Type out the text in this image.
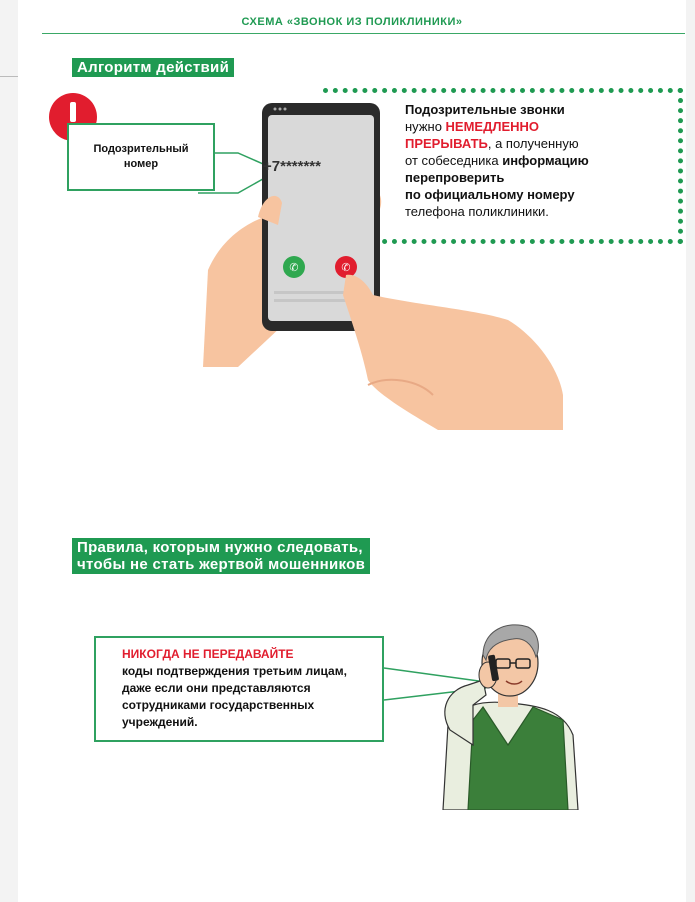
СХЕМА «ЗВОНОК ИЗ ПОЛИКЛИНИКИ»
Алгоритм действий
✆	✆
Подозрительные звонки
нужно НЕМЕДЛЕННО
ПРЕРЫВАТЬ, а полученную
от собеседника информацию
перепроверить
по официальному номеру
телефона поликлиники.
Подозрительный
номер	+7*******
Правила, которым нужно следовать,
чтобы не стать жертвой мошенников
НИКОГДА НЕ ПЕРЕДАВАЙТЕ
коды подтверждения третьим лицам, даже если они представляются сотрудниками государственных учреждений.
